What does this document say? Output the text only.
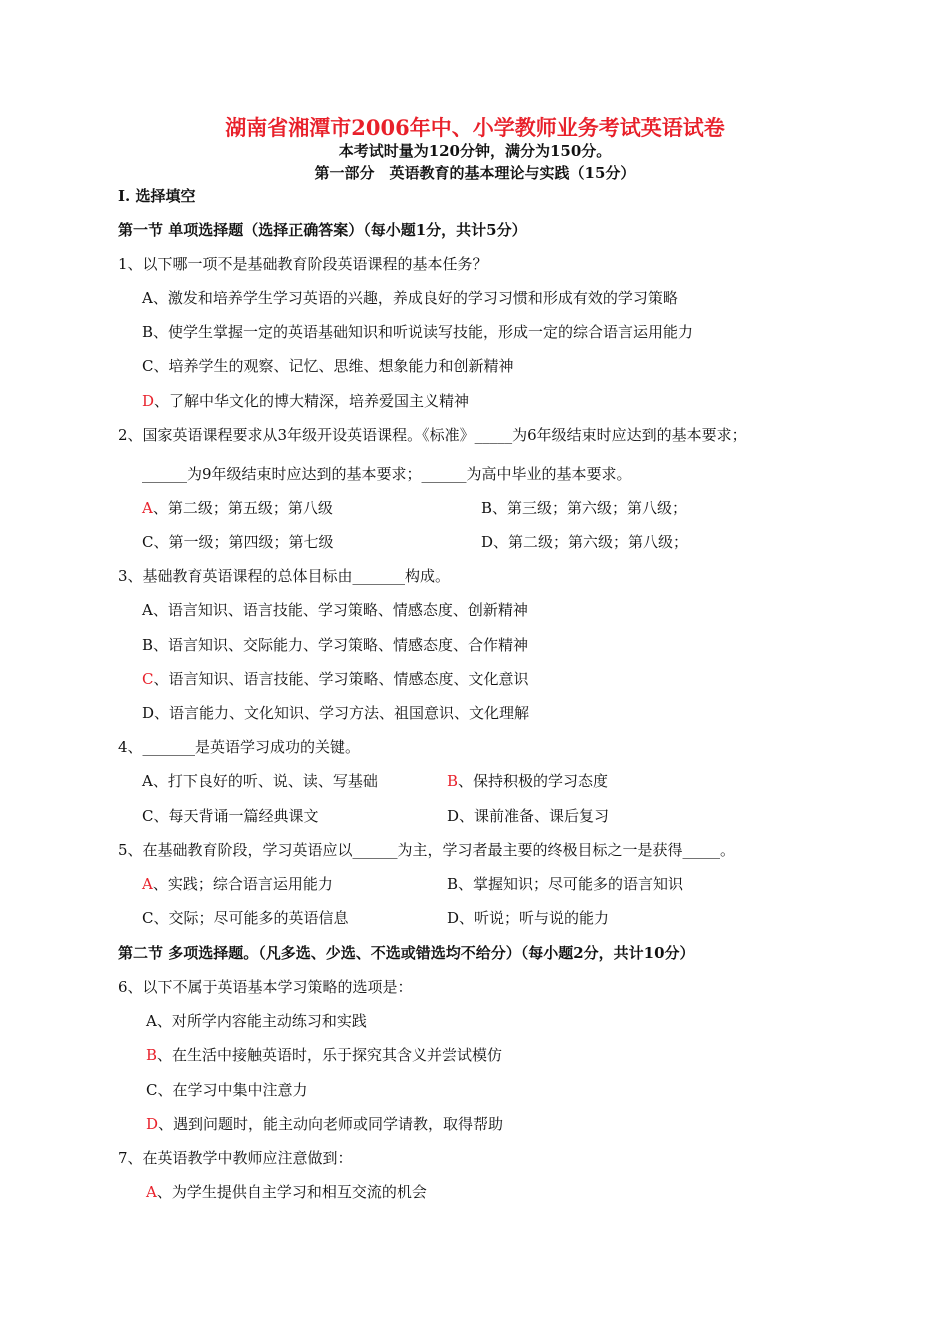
湖南省湘潭市2006年中、小学教师业务考试英语试卷
本考试时量为120分钟，满分为150分。
第一部分　英语教育的基本理论与实践（15分）
I. 选择填空
第一节 单项选择题（选择正确答案）（每小题1分，共计5分）
1、以下哪一项不是基础教育阶段英语课程的基本任务？
A、激发和培养学生学习英语的兴趣，养成良好的学习习惯和形成有效的学习策略
B、使学生掌握一定的英语基础知识和听说读写技能，形成一定的综合语言运用能力
C、培养学生的观察、记忆、思维、想象能力和创新精神
D、了解中华文化的博大精深，培养爱国主义精神
2、国家英语课程要求从3年级开设英语课程。《标准》_____为6年级结束时应达到的基本要求；
______为9年级结束时应达到的基本要求；______为高中毕业的基本要求。
A、第二级；第五级；第八级	B、第三级；第六级；第八级；
C、第一级；第四级；第七级	D、第二级；第六级；第八级；
3、基础教育英语课程的总体目标由_______构成。
A、语言知识、语言技能、学习策略、情感态度、创新精神
B、语言知识、交际能力、学习策略、情感态度、合作精神
C、语言知识、语言技能、学习策略、情感态度、文化意识
D、语言能力、文化知识、学习方法、祖国意识、文化理解
4、_______是英语学习成功的关键。
A、打下良好的听、说、读、写基础	B、保持积极的学习态度
C、每天背诵一篇经典课文	D、课前准备、课后复习
5、在基础教育阶段，学习英语应以______为主，学习者最主要的终极目标之一是获得_____。
A、实践；综合语言运用能力	B、掌握知识；尽可能多的语言知识
C、交际；尽可能多的英语信息	D、听说；听与说的能力
第二节 多项选择题。（凡多选、少选、不选或错选均不给分）（每小题2分，共计10分）
6、以下不属于英语基本学习策略的选项是：
A、对所学内容能主动练习和实践
B、在生活中接触英语时，乐于探究其含义并尝试模仿
C、在学习中集中注意力
D、遇到问题时，能主动向老师或同学请教，取得帮助
7、在英语教学中教师应注意做到：
A、为学生提供自主学习和相互交流的机会
